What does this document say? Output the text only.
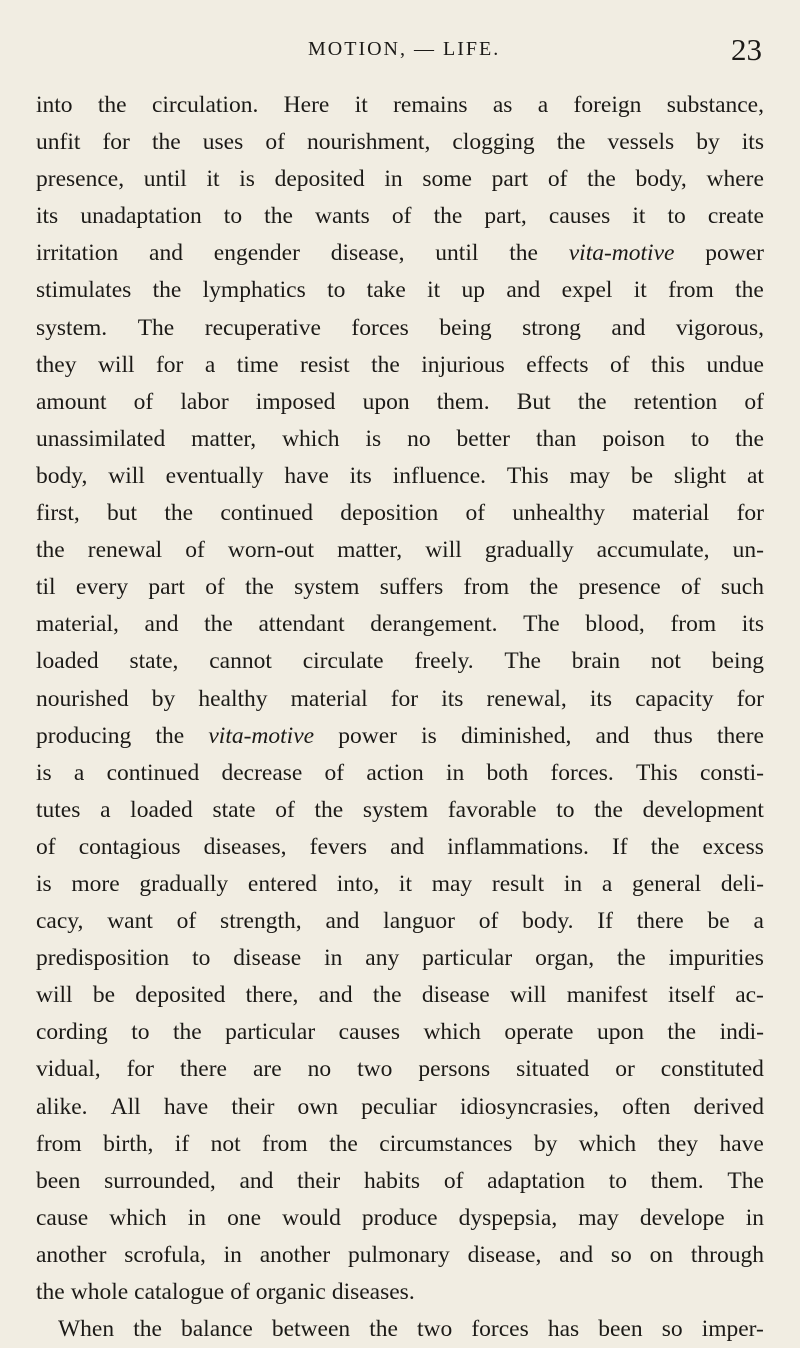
MOTION, — LIFE.	23
into the circulation. Here it remains as a foreign substance,
unfit for the uses of nourishment, clogging the vessels by its
presence, until it is deposited in some part of the body, where
its unadaptation to the wants of the part, causes it to create
irritation and engender disease, until the vita-motive power
stimulates the lymphatics to take it up and expel it from the
system. The recuperative forces being strong and vigorous,
they will for a time resist the injurious effects of this undue
amount of labor imposed upon them. But the retention of
unassimilated matter, which is no better than poison to the
body, will eventually have its influence. This may be slight at
first, but the continued deposition of unhealthy material for
the renewal of worn-out matter, will gradually accumulate, un-
til every part of the system suffers from the presence of such
material, and the attendant derangement. The blood, from its
loaded state, cannot circulate freely. The brain not being
nourished by healthy material for its renewal, its capacity for
producing the vita-motive power is diminished, and thus there
is a continued decrease of action in both forces. This consti-
tutes a loaded state of the system favorable to the development
of contagious diseases, fevers and inflammations. If the excess
is more gradually entered into, it may result in a general deli-
cacy, want of strength, and languor of body. If there be a
predisposition to disease in any particular organ, the impurities
will be deposited there, and the disease will manifest itself ac-
cording to the particular causes which operate upon the indi-
vidual, for there are no two persons situated or constituted
alike. All have their own peculiar idiosyncrasies, often derived
from birth, if not from the circumstances by which they have
been surrounded, and their habits of adaptation to them. The
cause which in one would produce dyspepsia, may develope in
another scrofula, in another pulmonary disease, and so on through
the whole catalogue of organic diseases.
When the balance between the two forces has been so imper-
